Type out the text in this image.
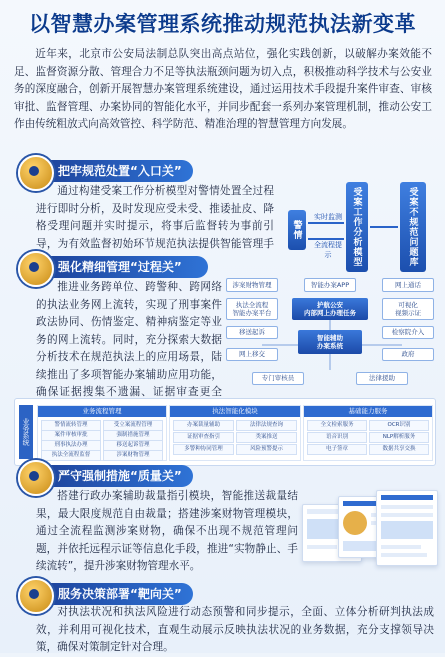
以智慧办案管理系统推动规范执法新变革
近年来，北京市公安局法制总队突出高点站位，强化实践创新，以破解办案效能不足、监督资源分散、管理合力不足等执法瓶颈问题为切入点，积极推动科学技术与公安业务的深度融合，创新开展智慧办案管理系统建设，通过运用技术手段提升案件审查、审核审批、监督管理、办案协同的智能化水平，并同步配套一系列办案管理机制，推动公安工作由传统粗放式向高效管控、科学防范、精准治理的智慧管理方向发展。
把牢规范处置“入口关”
通过构建受案工作分析模型对警情处置全过程进行即时分析，及时发现应受未受、推诿扯皮、降格受理问题并实时提示，将事后监督转为事前引导，为有效监督初始环节规范执法提供智能管理手
警情
实时监测
全流程提示	受案工作分析模型	受案不规范问题库
强化精细管理“过程关”
推进业务跨单位、跨警种、跨网络的执法业务网上流转，实现了刑事案件政法协同、伤情鉴定、精神病鉴定等业务的网上流转。同时，充分探索大数据分析技术在规范执法上的应用场景，陆续推出了多项智能办案辅助应用功能，确保证据搜集不遗漏、证据审查更全
涉案财物管理	智能办案APP	网上通话
执法全流程
智能办案平台
护航公安
内部网上办理任务
可视化
视频示证
移送起诉
智能辅助
办案系统
检察院介入
网上移交	政府
专门审核员	法律援助
业务系统
业务流程管理
警情流转管理	受立案流程管理
案件审核审批	强制措施管理
刑事执法办理	移送起诉管理
执法全流程监督	涉案财物管理
执法智能化模块
办案裁量辅助	法律法规查询
证据审查指引	类案推送
多警种协同管理	风险预警提示
基础能力服务
全文检索服务	OCR识别
语音识别	NLP解析服务
电子签章	数据共享交换
严守强制措施“质量关”
搭建行政办案辅助裁量指引模块，智能推送裁量结果，最大限度规范自由裁量；搭建涉案财物管理模块，通过全流程监测涉案财物，确保不出现不规范管理问题，并依托远程示证等信息化手段，推进“实物静止、手续流转”，提升涉案财物管理水平。
服务决策部署“靶向关”
对执法状况和执法风险进行动态预警和同步提示，全面、立体分析研判执法成效，并利用可视化技术，直观生动展示反映执法状况的业务数据，充分支撑领导决策，确保对策制定针对合理。
